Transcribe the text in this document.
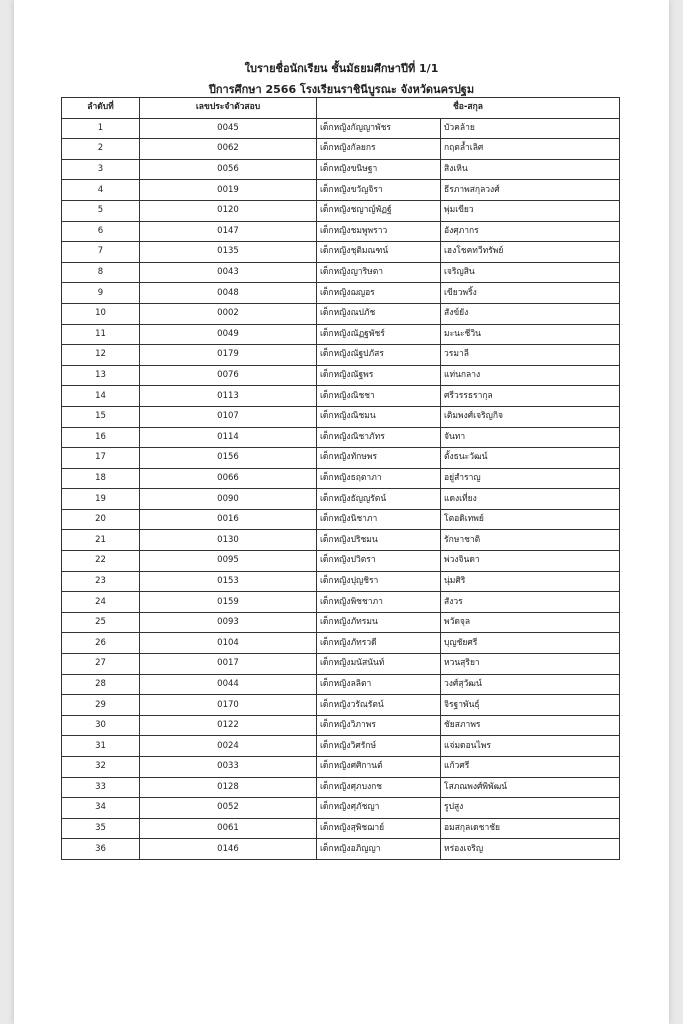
ใบรายชื่อนักเรียน ชั้นมัธยมศึกษาปีที่ 1/1
ปีการศึกษา 2566 โรงเรียนราชินีบูรณะ จังหวัดนครปฐม
ลำดับที่	เลขประจำตัวสอบ	ชื่อ-สกุล	
1	0045	เด็กหญิงกัญญาพัชร	บัวคล้าย
2	0062	เด็กหญิงกัลยกร	กฤตล้ำเลิศ
3	0056	เด็กหญิงขนิษฐา	สิงเหิน
4	0019	เด็กหญิงขวัญจิรา	ธีรภาพสกุลวงศ์
5	0120	เด็กหญิงชญาญ์พัฏฐ์	พุ่มเขียว
6	0147	เด็กหญิงชมพูพราว	อังศุภากร
7	0135	เด็กหญิงชุติมณฑน์	เฮงโชคทวีทรัพย์
8	0043	เด็กหญิงญาริษตา	เจริญสิน
9	0048	เด็กหญิงฌญอร	เขียวพริ้ง
10	0002	เด็กหญิงณปภัช	สังข์ยัง
11	0049	เด็กหญิงณัฏฐพัชร์	มะนะชีวิน
12	0179	เด็กหญิงณัฐปภัสร	วรมาลี
13	0076	เด็กหญิงณัฐพร	แท่นกลาง
14	0113	เด็กหญิงณิชชา	ศรีวรรธรากุล
15	0107	เด็กหญิงณิชมน	เติมพงศ์เจริญกิจ
16	0114	เด็กหญิงณิชาภัทร	จันทา
17	0156	เด็กหญิงทักษพร	ตั้งธนะวัฒน์
18	0066	เด็กหญิงธฤตาภา	อยู่สำราญ
19	0090	เด็กหญิงธัญญรัตน์	แดงเที่ยง
20	0016	เด็กหญิงนิชาภา	โตอดิเทพย์
21	0130	เด็กหญิงปริชมน	รักษาชาติ
22	0095	เด็กหญิงปวิตรา	พ่วงจินดา
23	0153	เด็กหญิงปุญชิรา	นุ่มศิริ
24	0159	เด็กหญิงพิชชาภา	สังวร
25	0093	เด็กหญิงภัทรมน	พวัดจุล
26	0104	เด็กหญิงภัทรวดี	บุญชัยศรี
27	0017	เด็กหญิงมนัสนันท์	หวนสุริยา
28	0044	เด็กหญิงลลิตา	วงศ์สุวัฒน์
29	0170	เด็กหญิงวรัณรัตน์	จิรฐาพันธุ์
30	0122	เด็กหญิงวิภาพร	ชัยสภาพร
31	0024	เด็กหญิงวิศรักษ์	แจ่มดอนไพร
32	0033	เด็กหญิงศศิกานต์	แก้วศรี
33	0128	เด็กหญิงศุภบงกช	โสภณพงศ์พิพัฒน์
34	0052	เด็กหญิงศุภัชญา	รูปสูง
35	0061	เด็กหญิงสุพิชฌาย์	อมสกุลเดชาชัย
36	0146	เด็กหญิงอภิญญา	หร่องเจริญ
